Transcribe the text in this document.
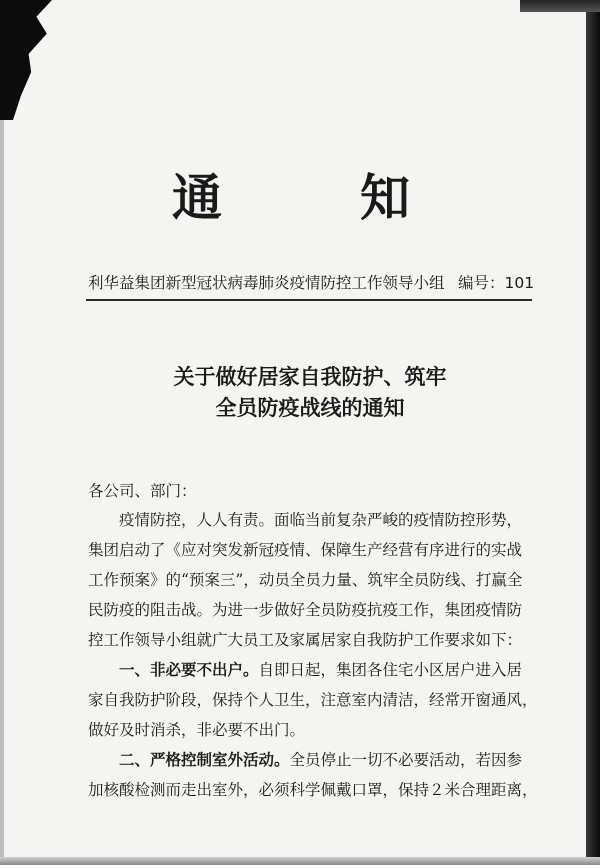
通	知
利华益集团新型冠状病毒肺炎疫情防控工作领导小组 编号：101
关于做好居家自我防护、筑牢
全员防疫战线的通知
各公司、部门：
　　疫情防控，人人有责。面临当前复杂严峻的疫情防控形势，
集团启动了《应对突发新冠疫情、保障生产经营有序进行的实战
工作预案》的“预案三”，动员全员力量、筑牢全员防线、打赢全
民防疫的阻击战。为进一步做好全员防疫抗疫工作，集团疫情防
控工作领导小组就广大员工及家属居家自我防护工作要求如下：
　　一、非必要不出户。自即日起，集团各住宅小区居户进入居
家自我防护阶段，保持个人卫生，注意室内清洁，经常开窗通风，
做好及时消杀，非必要不出门。
　　二、严格控制室外活动。全员停止一切不必要活动，若因参
加核酸检测而走出室外，必须科学佩戴口罩，保持２米合理距离，
